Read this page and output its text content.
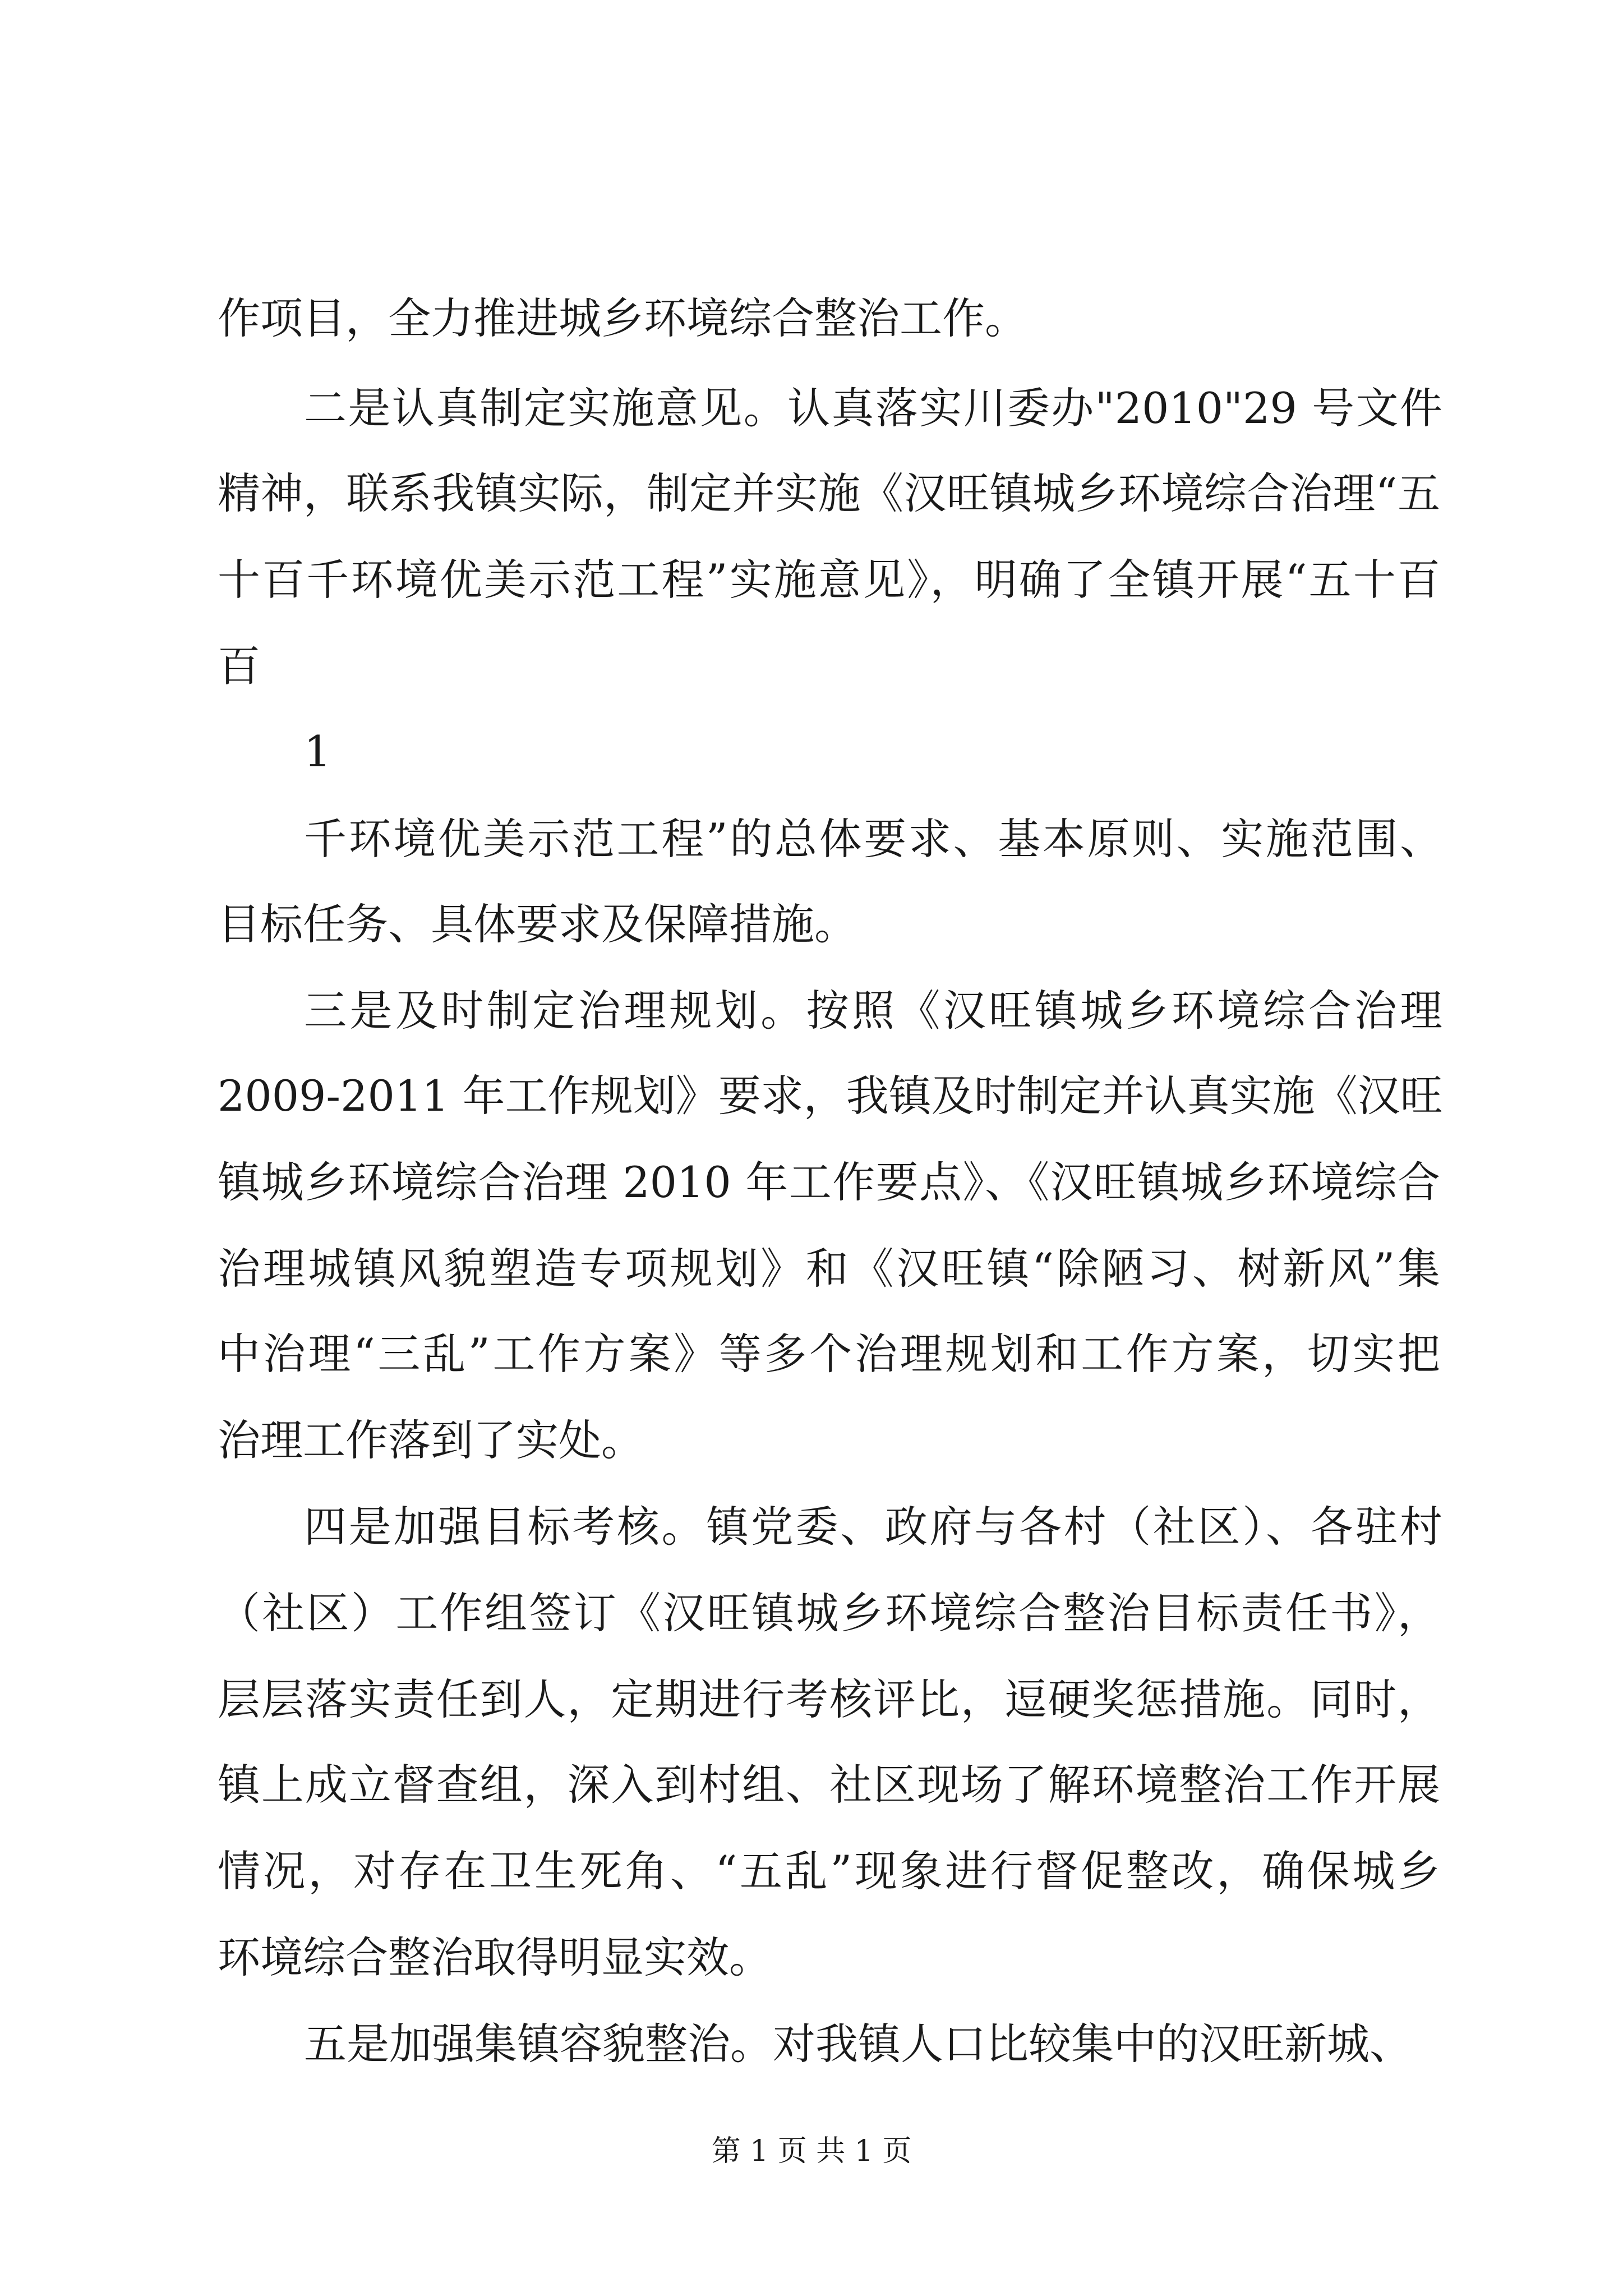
作项目，全力推进城乡环境综合整治工作。
二是认真制定实施意见。认真落实川委办"2010"29 号文件
精神，联系我镇实际，制定并实施《汉旺镇城乡环境综合治理“五
十百千环境优美示范工程”实施意见》，明确了全镇开展“五十百
百
1
千环境优美示范工程”的总体要求、基本原则、实施范围、
目标任务、具体要求及保障措施。
三是及时制定治理规划。按照《汉旺镇城乡环境综合治理
2009-2011 年工作规划》要求，我镇及时制定并认真实施《汉旺
镇城乡环境综合治理 2010 年工作要点》、《汉旺镇城乡环境综合
治理城镇风貌塑造专项规划》和《汉旺镇“除陋习、树新风”集
中治理“三乱”工作方案》等多个治理规划和工作方案，切实把
治理工作落到了实处。
四是加强目标考核。镇党委、政府与各村（社区）、各驻村
（社区）工作组签订《汉旺镇城乡环境综合整治目标责任书》，
层层落实责任到人，定期进行考核评比，逗硬奖惩措施。同时，
镇上成立督查组，深入到村组、社区现场了解环境整治工作开展
情况，对存在卫生死角、“五乱”现象进行督促整改，确保城乡
环境综合整治取得明显实效。
五是加强集镇容貌整治。对我镇人口比较集中的汉旺新城、
第 1 页 共 1 页
